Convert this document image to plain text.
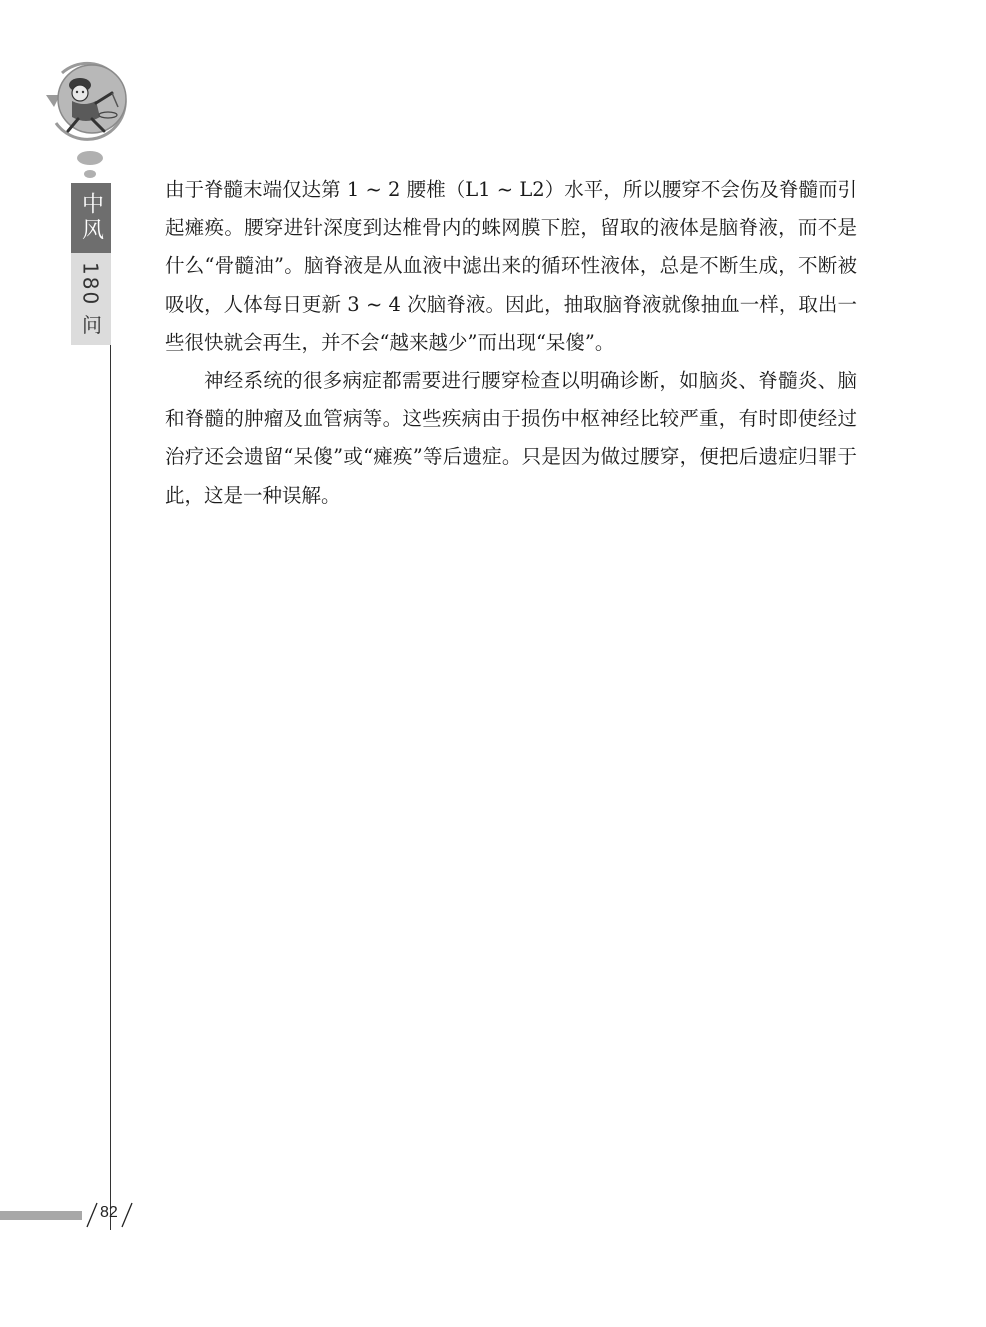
中风
180 问

由于脊髓末端仅达第 1 ~ 2 腰椎（L1 ~ L2）水平，所以腰穿不会伤及脊髓而引起瘫痪。腰穿进针深度到达椎骨内的蛛网膜下腔，留取的液体是脑脊液，而不是什么“骨髓油”。脑脊液是从血液中滤出来的循环性液体，总是不断生成，不断被吸收，人体每日更新 3 ~ 4 次脑脊液。因此，抽取脑脊液就像抽血一样，取出一些很快就会再生，并不会“越来越少”而出现“呆傻”。

神经系统的很多病症都需要进行腰穿检查以明确诊断，如脑炎、脊髓炎、脑和脊髓的肿瘤及血管病等。这些疾病由于损伤中枢神经比较严重，有时即使经过治疗还会遗留“呆傻”或“瘫痪”等后遗症。只是因为做过腰穿，便把后遗症归罪于此，这是一种误解。

82
